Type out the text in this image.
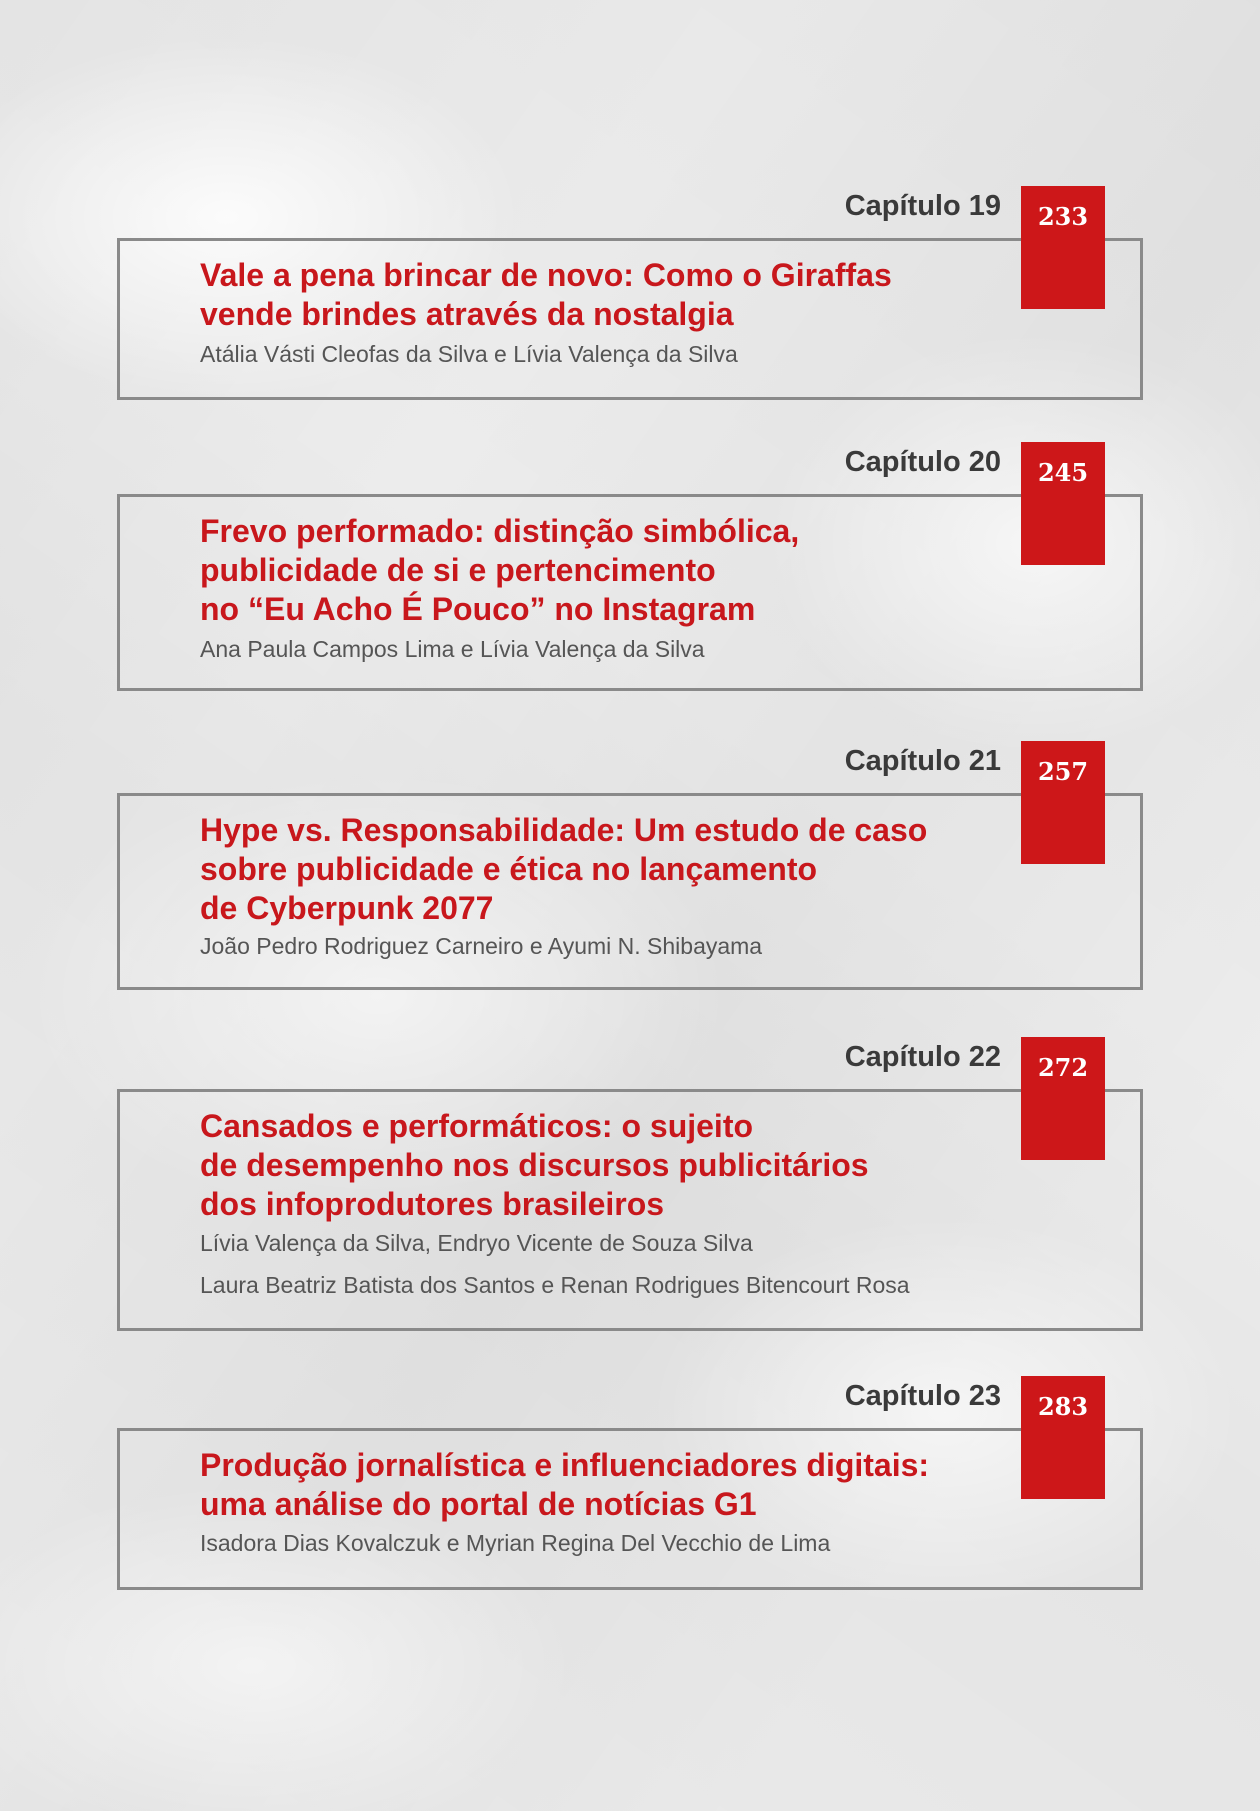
Capítulo 19	233
Vale a pena brincar de novo: Como o Giraffas
vende brindes através da nostalgia
Atália Vásti Cleofas da Silva e Lívia Valença da Silva
Capítulo 20	245
Frevo performado: distinção simbólica,
publicidade de si e pertencimento
no “Eu Acho É Pouco” no Instagram
Ana Paula Campos Lima e Lívia Valença da Silva
Capítulo 21	257
Hype vs. Responsabilidade: Um estudo de caso
sobre publicidade e ética no lançamento
de Cyberpunk 2077
João Pedro Rodriguez Carneiro e Ayumi N. Shibayama
Capítulo 22	272
Cansados e performáticos: o sujeito
de desempenho nos discursos publicitários
dos infoprodutores brasileiros
Lívia Valença da Silva, Endryo Vicente de Souza Silva
Laura Beatriz Batista dos Santos e Renan Rodrigues Bitencourt Rosa
Capítulo 23	283
Produção jornalística e influenciadores digitais:
uma análise do portal de notícias G1
Isadora Dias Kovalczuk e Myrian Regina Del Vecchio de Lima
